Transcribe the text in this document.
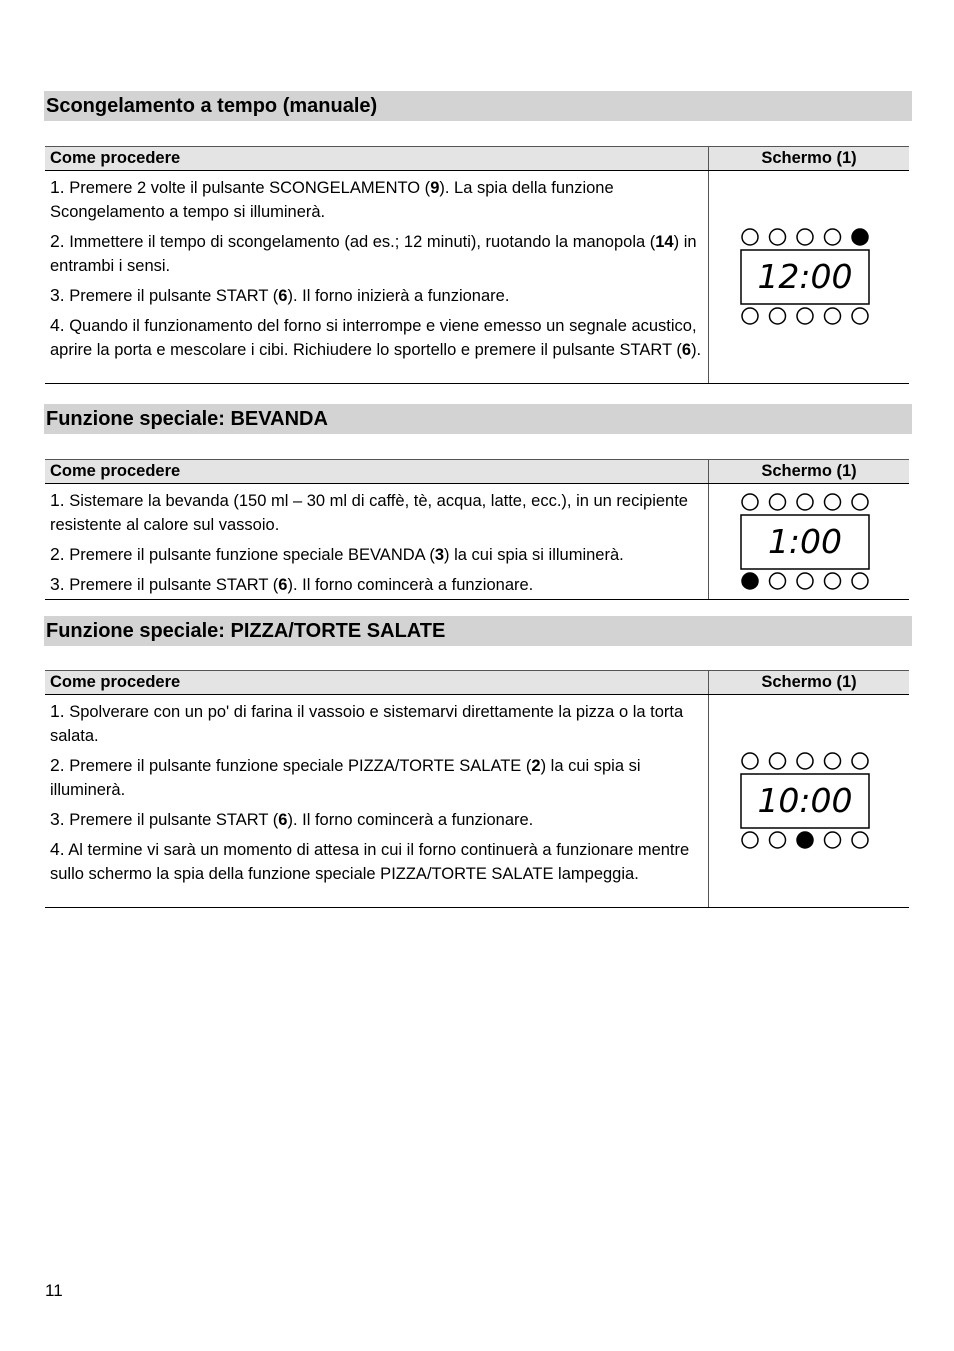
Scongelamento a tempo (manuale)
Come procedere	Schermo (1)

1. Premere 2 volte il pulsante SCONGELAMENTO (9). La spia della funzione Scongelamento a tempo si illuminerà.

2. Immettere il tempo di scongelamento (ad es.; 12 minuti), ruotando la manopola (14) in entrambi i sensi.

3. Premere il pulsante START (6). Il forno inizierà a funzionare.

4. Quando il funzionamento del forno si interrompe e viene emesso un segnale acustico, aprire la porta e mescolare i cibi. Richiudere lo sportello e premere il pulsante START (6).	12:00
Funzione speciale: BEVANDA
Come procedere	Schermo (1)

1. Sistemare la bevanda (150 ml – 30 ml di caffè, tè, acqua, latte, ecc.), in un recipiente resistente al calore sul vassoio.

2. Premere il pulsante funzione speciale BEVANDA (3) la cui spia si illuminerà.

3. Premere il pulsante START (6). Il forno comincerà a funzionare.	1:00
Funzione speciale: PIZZA/TORTE SALATE
Come procedere	Schermo (1)

1. Spolverare con un po' di farina il vassoio e sistemarvi direttamente la pizza o la torta salata.

2. Premere il pulsante funzione speciale PIZZA/TORTE SALATE (2) la cui spia si illuminerà.

3. Premere il pulsante START (6). Il forno comincerà a funzionare.

4. Al termine vi sarà un momento di attesa in cui il forno continuerà a funzionare mentre sullo schermo la spia della funzione speciale PIZZA/TORTE SALATE lampeggia.	10:00
11
